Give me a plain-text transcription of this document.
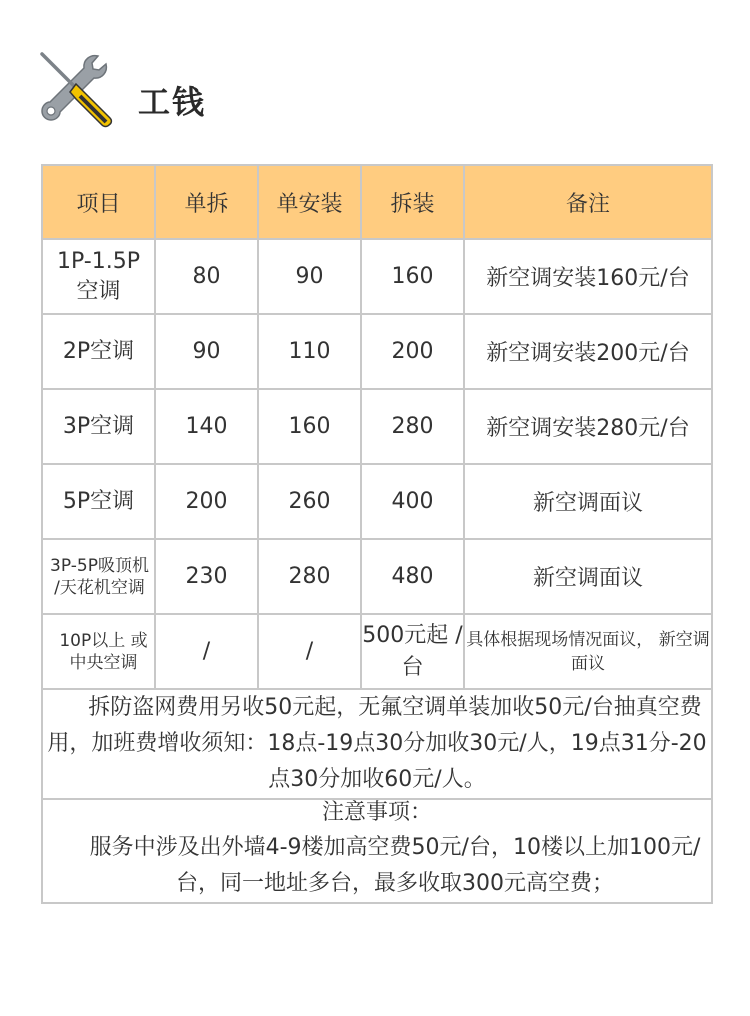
工钱
项目	单拆	单安装	拆装	备注
1P-1.5P 空调	80	90	160	新空调安装160元/台
2P空调	90	110	200	新空调安装200元/台
3P空调	140	160	280	新空调安装280元/台
5P空调	200	260	400	新空调面议
3P-5P吸顶机 /天花机空调	230	280	480	新空调面议
10P以上 或中央空调	/	/	500元起 /台	具体根据现场情况面议， 新空调面议

拆防盗网费用另收50元起，无氟空调单装加收50元/台抽真空费用，加班费增收须知：18点-19点30分加收30元/人，19点31分-20点30分加收60元/人。				

注意事项：
服务中涉及出外墙4-9楼加高空费50元/台，10楼以上加100元/台，同一地址多台，最多收取300元高空费；				
